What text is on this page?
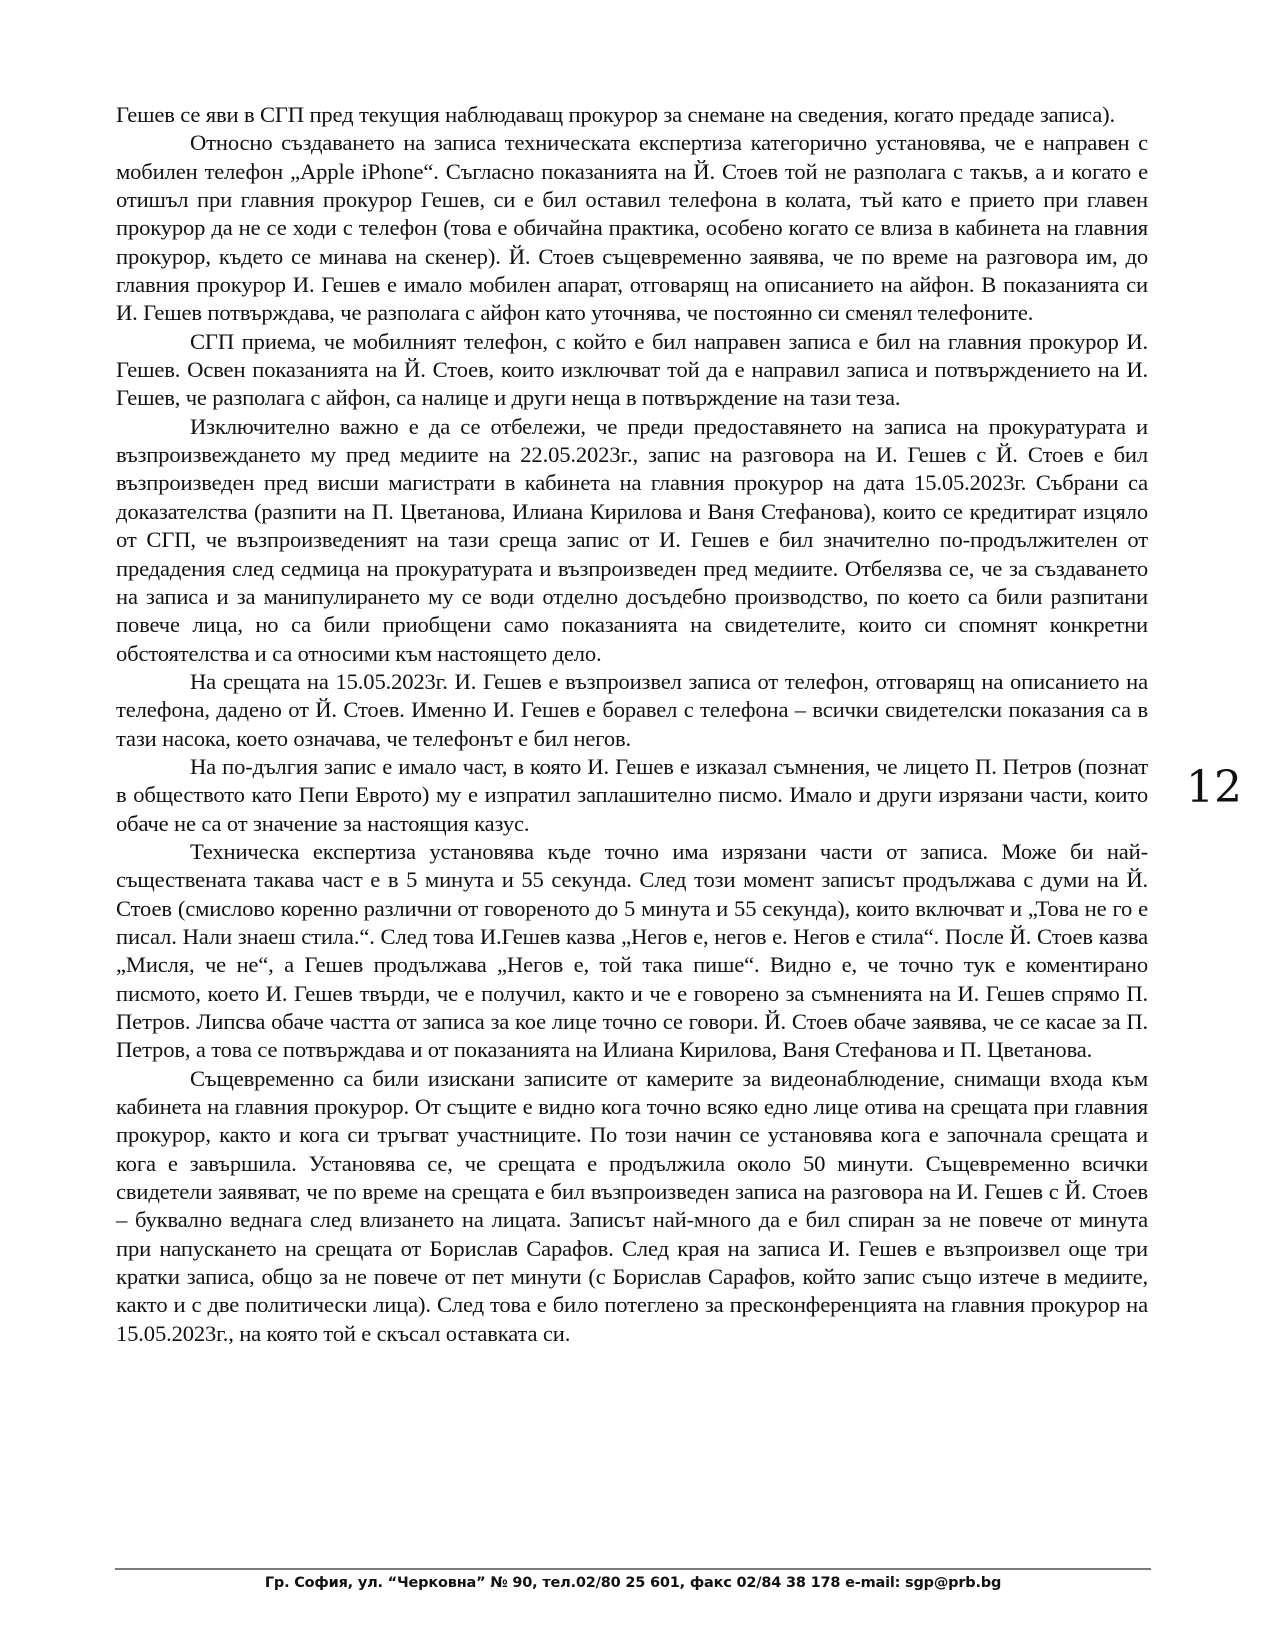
Гешев се яви в СГП пред текущия наблюдаващ прокурор за снемане на сведения, когато предаде записа).

Относно създаването на записа техническата експертиза категорично установява, че е направен с мобилен телефон „Apple iPhone“. Съгласно показанията на Й. Стоев той не разполага с такъв, а и когато е отишъл при главния прокурор Гешев, си е бил оставил телефона в колата, тъй като е прието при главен прокурор да не се ходи с телефон (това е обичайна практика, особено когато се влиза в кабинета на главния прокурор, където се минава на скенер). Й. Стоев същевременно заявява, че по време на разговора им, до главния прокурор И. Гешев е имало мобилен апарат, отговарящ на описанието на айфон. В показанията си И. Гешев потвърждава, че разполага с айфон като уточнява, че постоянно си сменял телефоните.

СГП приема, че мобилният телефон, с който е бил направен записа е бил на главния прокурор И. Гешев. Освен показанията на Й. Стоев, които изключват той да е направил записа и потвърждението на И. Гешев, че разполага с айфон, са налице и други неща в потвърждение на тази теза.

Изключително важно е да се отбележи, че преди предоставянето на записа на прокуратурата и възпроизвеждането му пред медиите на 22.05.2023г., запис на разговора на И. Гешев с Й. Стоев е бил възпроизведен пред висши магистрати в кабинета на главния прокурор на дата 15.05.2023г. Събрани са доказателства (разпити на П. Цветанова, Илиана Кирилова и Ваня Стефанова), които се кредитират изцяло от СГП, че възпроизведеният на тази среща запис от И. Гешев е бил значително по-продължителен от предадения след седмица на прокуратурата и възпроизведен пред медиите. Отбелязва се, че за създаването на записа и за манипулирането му се води отделно досъдебно производство, по което са били разпитани повече лица, но са били приобщени само показанията на свидетелите, които си спомнят конкретни обстоятелства и са относими към настоящето дело.

На срещата на 15.05.2023г. И. Гешев е възпроизвел записа от телефон, отговарящ на описанието на телефона, дадено от Й. Стоев. Именно И. Гешев е боравел с телефона – всички свидетелски показания са в тази насока, което означава, че телефонът е бил негов.

На по-дългия запис е имало част, в която И. Гешев е изказал съмнения, че лицето П. Петров (познат в обществото като Пепи Еврото) му е изпратил заплашително писмо. Имало и други изрязани части, които обаче не са от значение за настоящия казус.

Техническа експертиза установява къде точно има изрязани части от записа. Може би най-съществената такава част е в 5 минута и 55 секунда. След този момент записът продължава с думи на Й. Стоев (смислово коренно различни от говореното до 5 минута и 55 секунда), които включват и „Това не го е писал. Нали знаеш стила.“. След това И.Гешев казва „Негов е, негов е. Негов е стила“. После Й. Стоев казва „Мисля, че не“, а Гешев продължава „Негов е, той така пише“. Видно е, че точно тук е коментирано писмото, което И. Гешев твърди, че е получил, както и че е говорено за съмненията на И. Гешев спрямо П. Петров. Липсва обаче частта от записа за кое лице точно се говори. Й. Стоев обаче заявява, че се касае за П. Петров, а това се потвърждава и от показанията на Илиана Кирилова, Ваня Стефанова и П. Цветанова.

Същевременно са били изискани записите от камерите за видеонаблюдение, снимащи входа към кабинета на главния прокурор. От същите е видно кога точно всяко едно лице отива на срещата при главния прокурор, както и кога си тръгват участниците. По този начин се установява кога е започнала срещата и кога е завършила. Установява се, че срещата е продължила около 50 минути. Същевременно всички свидетели заявяват, че по време на срещата е бил възпроизведен записа на разговора на И. Гешев с Й. Стоев – буквално веднага след влизането на лицата. Записът най-много да е бил спиран за не повече от минута при напускането на срещата от Борислав Сарафов. След края на записа И. Гешев е възпроизвел още три кратки записа, общо за не повече от пет минути (с Борислав Сарафов, който запис също изтече в медиите, както и с две политически лица). След това е било потеглено за пресконференцията на главния прокурор на 15.05.2023г., на която той е скъсал оставката си.

12
Гр. София, ул. “Черковна” № 90, тел.02/80 25 601, факс 02/84 38 178 e-mail: sgp@prb.bg
